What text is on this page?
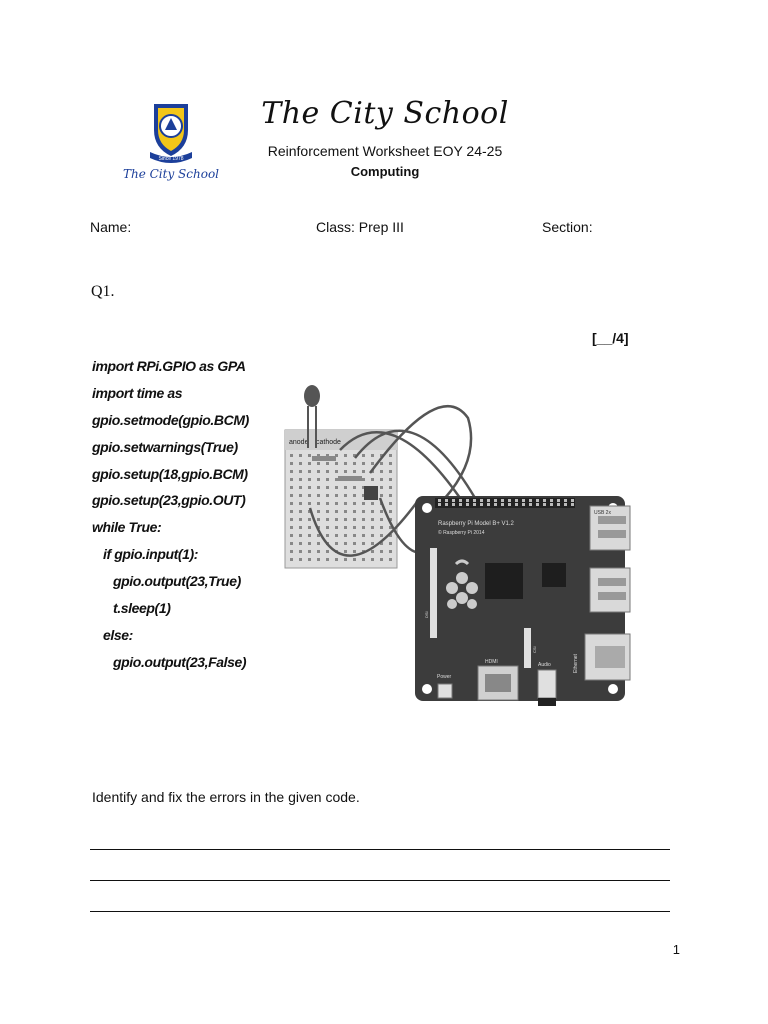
Since 1978
The City School
The City School
Reinforcement Worksheet EOY 24-25
Computing
Name:	Class: Prep III	Section:
Q1.
[__/4]
import RPi.GPIO as GPA
import time as
gpio.setmode(gpio.BCM)
gpio.setwarnings(True)
gpio.setup(18,gpio.BCM)
gpio.setup(23,gpio.OUT)
while True:
if gpio.input(1):
gpio.output(23,True)
t.sleep(1)
else:
gpio.output(23,False)
anode cathode
Raspberry Pi Model B+ V1.2
© Raspberry Pi 2014
USB 2x
Ethernet
HDMI	Audio
Power
DSI
CSI
Identify and fix the errors in the given code.
1
